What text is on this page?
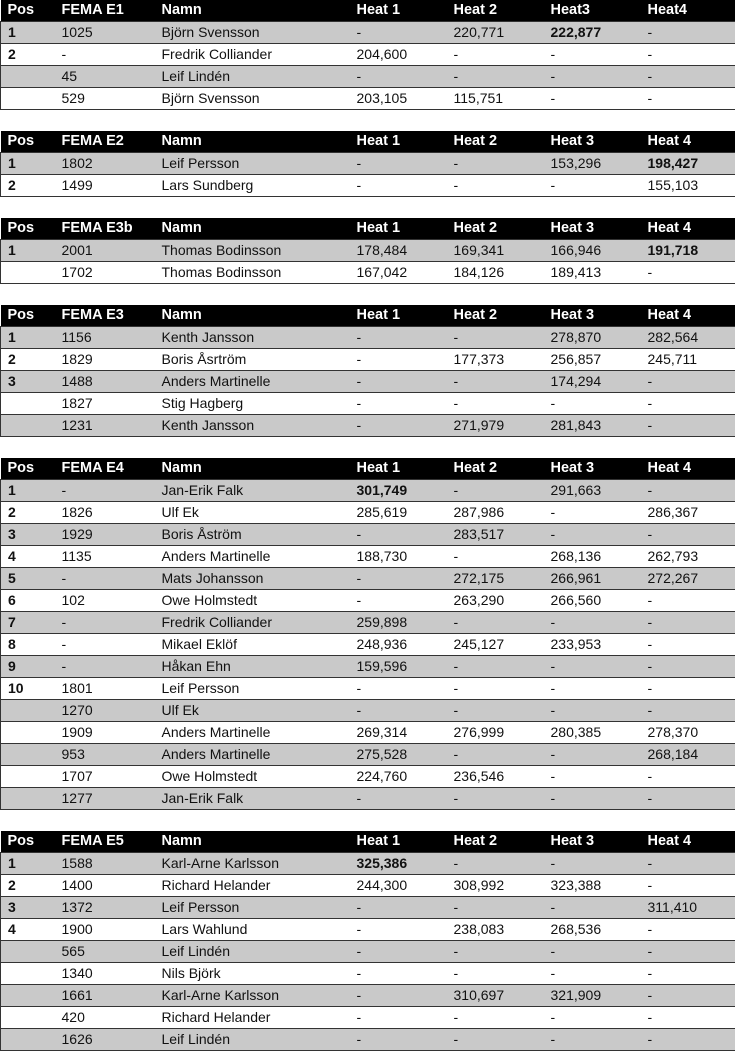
Pos	FEMA E1	Namn	Heat 1	Heat 2	Heat3	Heat4
1	1025	Björn Svensson	-	220,771	222,877	-
2	-	Fredrik Colliander	204,600	-	-	-
	45	Leif Lindén	-	-	-	-
	529	Björn Svensson	203,105	115,751	-	-
Pos	FEMA E2	Namn	Heat 1	Heat 2	Heat 3	Heat 4
1	1802	Leif Persson	-	-	153,296	198,427
2	1499	Lars Sundberg	-	-	-	155,103
Pos	FEMA E3b	Namn	Heat 1	Heat 2	Heat 3	Heat 4
1	2001	Thomas Bodinsson	178,484	169,341	166,946	191,718
	1702	Thomas Bodinsson	167,042	184,126	189,413	-
Pos	FEMA E3	Namn	Heat 1	Heat 2	Heat 3	Heat 4
1	1156	Kenth Jansson	-	-	278,870	282,564
2	1829	Boris Åsrtröm	-	177,373	256,857	245,711
3	1488	Anders Martinelle	-	-	174,294	-
	1827	Stig Hagberg	-	-	-	-
	1231	Kenth Jansson	-	271,979	281,843	-
Pos	FEMA E4	Namn	Heat 1	Heat 2	Heat 3	Heat 4
1	-	Jan-Erik Falk	301,749	-	291,663	-
2	1826	Ulf Ek	285,619	287,986	-	286,367
3	1929	Boris Åström	-	283,517	-	-
4	1135	Anders Martinelle	188,730	-	268,136	262,793
5	-	Mats Johansson	-	272,175	266,961	272,267
6	102	Owe Holmstedt	-	263,290	266,560	-
7	-	Fredrik Colliander	259,898	-	-	-
8	-	Mikael Eklöf	248,936	245,127	233,953	-
9	-	Håkan Ehn	159,596	-	-	-
10	1801	Leif Persson	-	-	-	-
	1270	Ulf Ek	-	-	-	-
	1909	Anders Martinelle	269,314	276,999	280,385	278,370
	953	Anders Martinelle	275,528	-	-	268,184
	1707	Owe Holmstedt	224,760	236,546	-	-
	1277	Jan-Erik Falk	-	-	-	-
Pos	FEMA E5	Namn	Heat 1	Heat 2	Heat 3	Heat 4
1	1588	Karl-Arne Karlsson	325,386	-	-	-
2	1400	Richard Helander	244,300	308,992	323,388	-
3	1372	Leif Persson	-	-	-	311,410
4	1900	Lars Wahlund	-	238,083	268,536	-
	565	Leif Lindén	-	-	-	-
	1340	Nils Björk	-	-	-	-
	1661	Karl-Arne Karlsson	-	310,697	321,909	-
	420	Richard Helander	-	-	-	-
	1626	Leif Lindén	-	-	-	-
